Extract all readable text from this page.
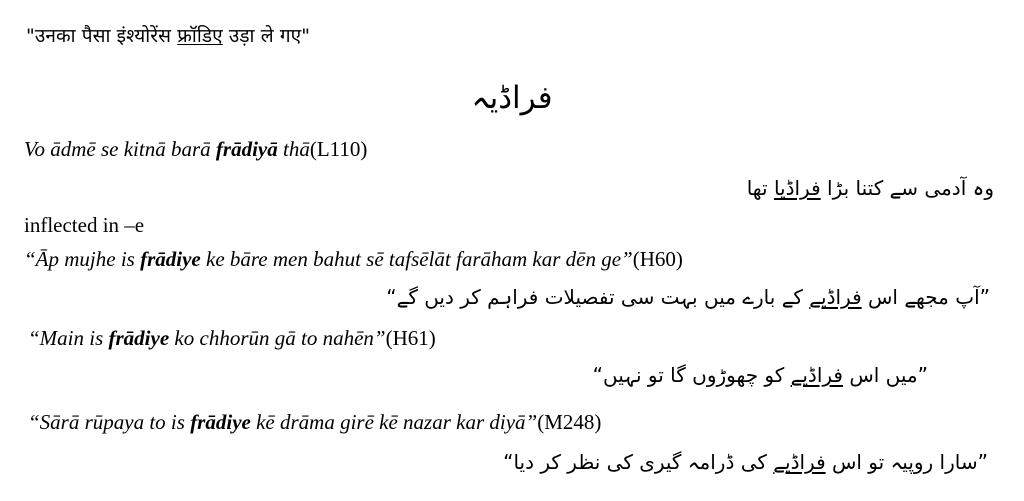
"उनका पैसा इंश्योरेंस फ्रॉडिए उड़ा ले गए"
فراڈیہ
Vo ādmē se kitnā barā frādiyā thā(L110)
وہ آدمی سے کتنا بڑا فراڈیا تھا
inflected in –e
“Āp mujhe is frādiye ke bāre men bahut sē tafsēlāt farāham kar dēn ge”(H60)
”آپ مجھے اس فراڈیے کے بارے میں بہت سی تفصیلات فراہم کر دیں گے“
“Main is frādiye ko chhorūn gā to nahēn”(H61)
”میں اس فراڈیے کو چھوڑوں گا تو نہیں“
“Sārā rūpaya to is frādiye kē drāma girē kē nazar kar diyā”(M248)
”سارا روپیہ تو اس فراڈیے کی ڈرامہ گیری کی نظر کر دیا“
